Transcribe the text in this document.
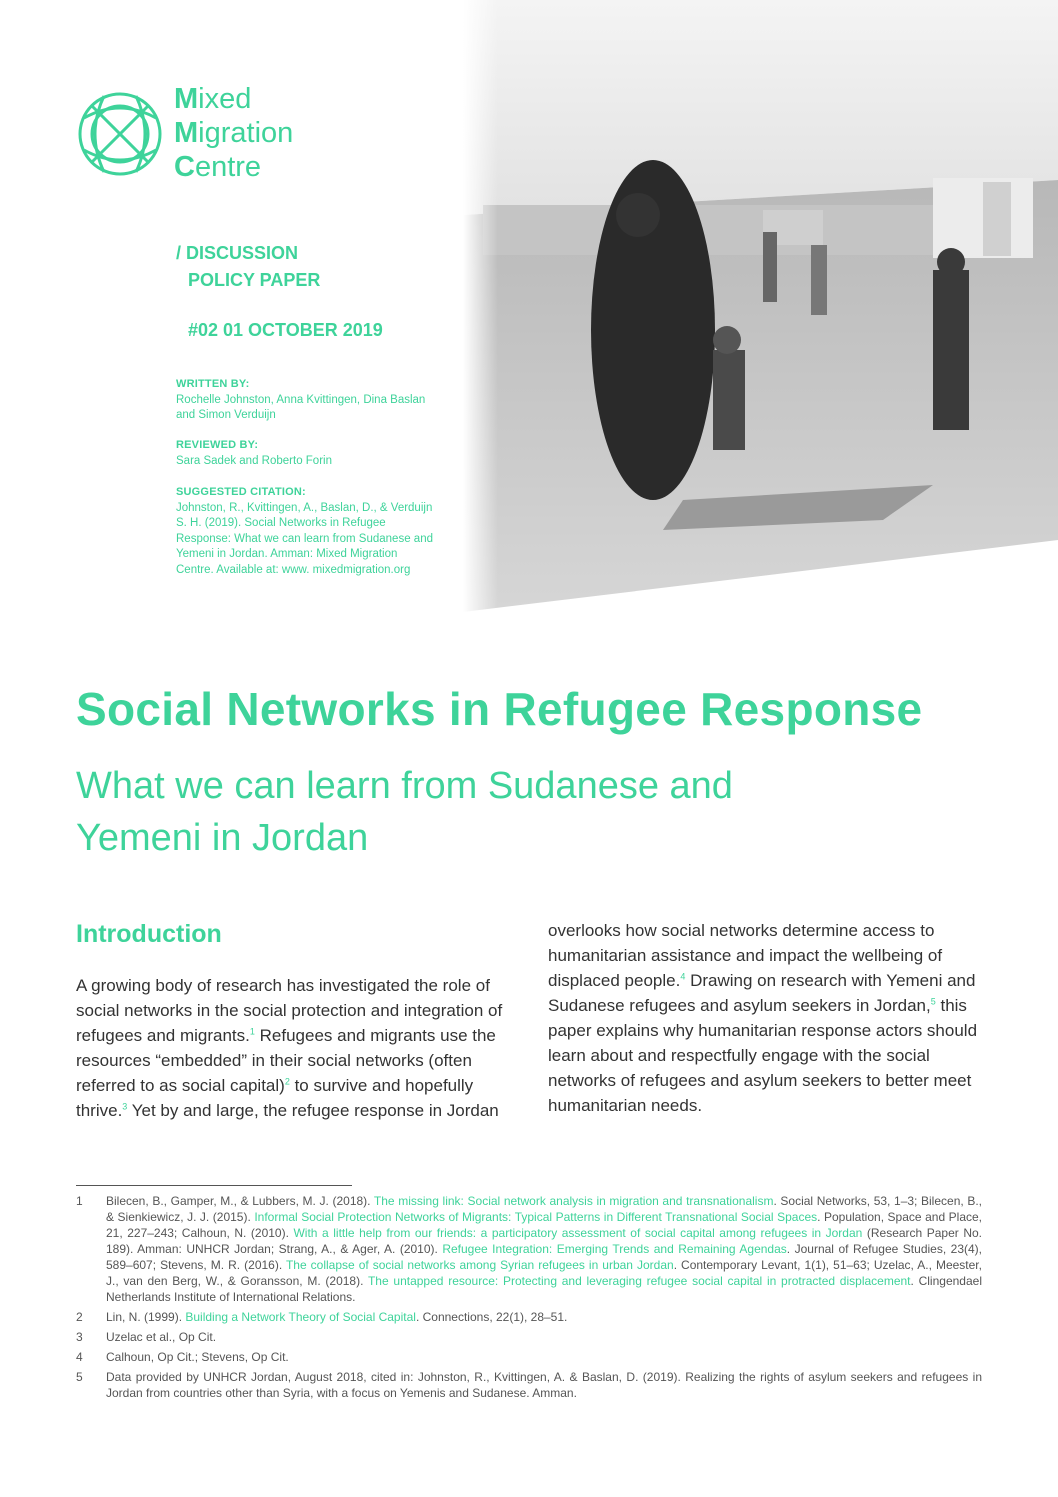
Mixed
Migration
Centre
/ DISCUSSION
POLICY PAPER
#02 01 OCTOBER 2019
WRITTEN BY:
Rochelle Johnston, Anna Kvittingen, Dina Baslan and Simon Verduijn
REVIEWED BY:
Sara Sadek and Roberto Forin
SUGGESTED CITATION:
Johnston, R., Kvittingen, A., Baslan, D., & Verduijn S. H. (2019). Social Networks in Refugee Response: What we can learn from Sudanese and Yemeni in Jordan. Amman: Mixed Migration Centre. Available at: www. mixedmigration.org
Social Networks in Refugee Response
What we can learn from Sudanese and Yemeni in Jordan
Introduction
A growing body of research has investigated the role of social networks in the social protection and integration of refugees and migrants.$^1$ Refugees and migrants use the resources “embedded” in their social networks (often referred to as social capital)$^2$ to survive and hopefully thrive.$^3$ Yet by and large, the refugee response in Jordan
overlooks how social networks determine access to humanitarian assistance and impact the wellbeing of displaced people.$^4$ Drawing on research with Yemeni and Sudanese refugees and asylum seekers in Jordan,$^5$ this paper explains why humanitarian response actors should learn about and respectfully engage with the social networks of refugees and asylum seekers to better meet humanitarian needs.
1 Bilecen, B., Gamper, M., & Lubbers, M. J. (2018). The missing link: Social network analysis in migration and transnationalism. Social Networks, 53, 1–3; Bilecen, B., & Sienkiewicz, J. J. (2015). Informal Social Protection Networks of Migrants: Typical Patterns in Different Transnational Social Spaces. Population, Space and Place, 21, 227–243; Calhoun, N. (2010). With a little help from our friends: a participatory assessment of social capital among refugees in Jordan (Research Paper No. 189). Amman: UNHCR Jordan; Strang, A., & Ager, A. (2010). Refugee Integration: Emerging Trends and Remaining Agendas. Journal of Refugee Studies, 23(4), 589–607; Stevens, M. R. (2016). The collapse of social networks among Syrian refugees in urban Jordan. Contemporary Levant, 1(1), 51–63; Uzelac, A., Meester, J., van den Berg, W., & Goransson, M. (2018). The untapped resource: Protecting and leveraging refugee social capital in protracted displacement. Clingendael Netherlands Institute of International Relations.
2 Lin, N. (1999). Building a Network Theory of Social Capital. Connections, 22(1), 28–51.
3 Uzelac et al., Op Cit.
4 Calhoun, Op Cit.; Stevens, Op Cit.
5 Data provided by UNHCR Jordan, August 2018, cited in: Johnston, R., Kvittingen, A. & Baslan, D. (2019). Realizing the rights of asylum seekers and refugees in Jordan from countries other than Syria, with a focus on Yemenis and Sudanese. Amman.
